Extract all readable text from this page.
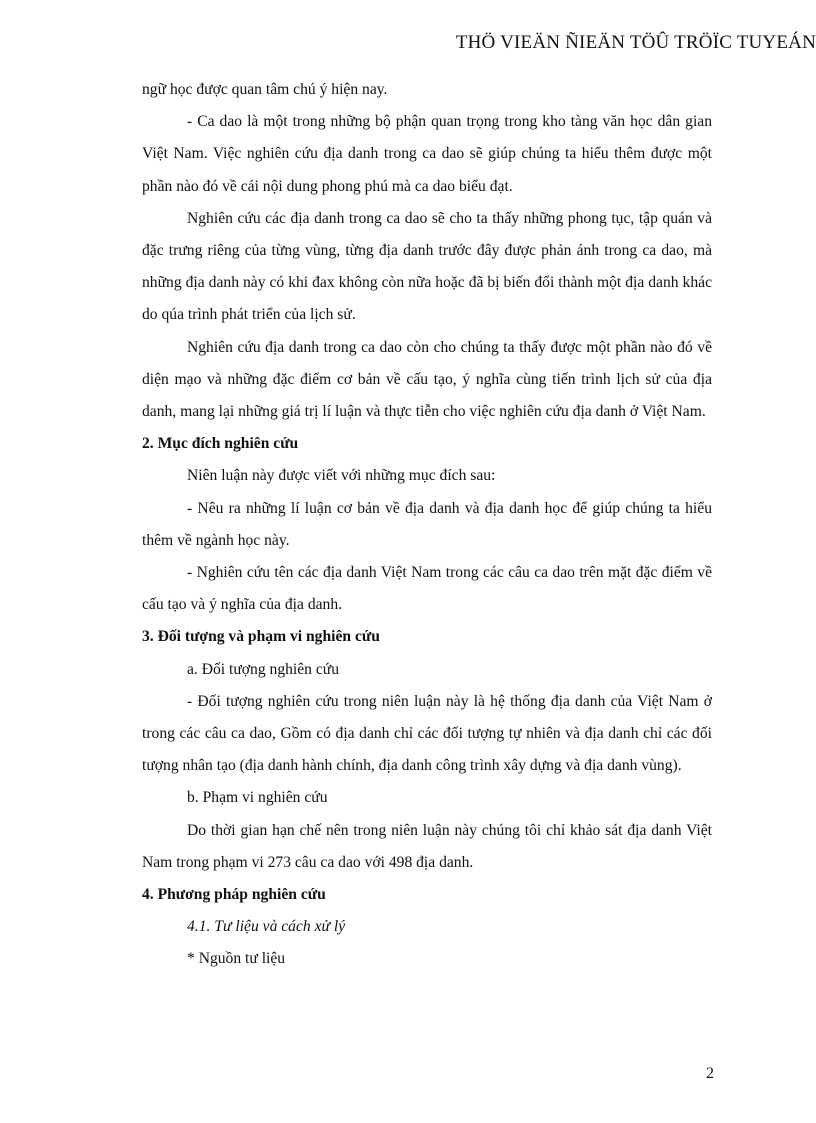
THÖ VIEÄN ÑIEÄN TÖÛ TRÖÏC TUYEÁN

ngữ học được quan tâm chú ý hiện nay.

- Ca dao là một trong những bộ phận quan trọng trong kho tàng văn học dân gian Việt Nam. Việc nghiên cứu địa danh trong ca dao sẽ giúp chúng ta hiểu thêm được một phần nào đó về cái nội dung phong phú mà ca dao biểu đạt.

Nghiên cứu các địa danh trong ca dao sẽ cho ta thấy những phong tục, tập quán và đặc trưng riêng của từng vùng, từng địa danh trước đây được phản ánh trong ca dao, mà những địa danh này có khi đax không còn nữa hoặc đã bị biến đổi thành một địa danh khác do qúa trình phát triển của lịch sử.

Nghiên cứu địa danh trong ca dao còn cho chúng ta thấy được một phần nào đó về diện mạo và những đặc điểm cơ bản về cấu tạo, ý nghĩa cùng tiến trình lịch sử của địa danh, mang lại những giá trị lí luận và thực tiễn cho việc nghiên cứu địa danh ở Việt Nam.

2. Mục đích nghiên cứu

Niên luận này được viết với những mục đích sau:

- Nêu ra những lí luận cơ bản về địa danh và địa danh học để giúp chúng ta hiểu thêm về ngành học này.

- Nghiên cứu tên các địa danh Việt Nam trong các câu ca dao trên mặt đặc điểm về cấu tạo và ý nghĩa của địa danh.

3. Đối tượng và phạm vi nghiên cứu

a. Đối tượng nghiên cứu

- Đối tượng nghiên cứu trong niên luận này là hệ thống địa danh của Việt Nam ở trong các câu ca dao, Gồm có địa danh chỉ các đối tượng tự nhiên và địa danh chỉ các đối tượng nhân tạo (địa danh hành chính, địa danh công trình xây dựng và địa danh vùng).

b. Phạm vi nghiên cứu

Do thời gian hạn chế nên trong niên luận này chúng tôi chỉ khảo sát địa danh Việt Nam trong phạm vi 273 câu ca dao với 498 địa danh.

4. Phương pháp nghiên cứu

4.1. Tư liệu và cách xử lý

* Nguồn tư liệu

2
